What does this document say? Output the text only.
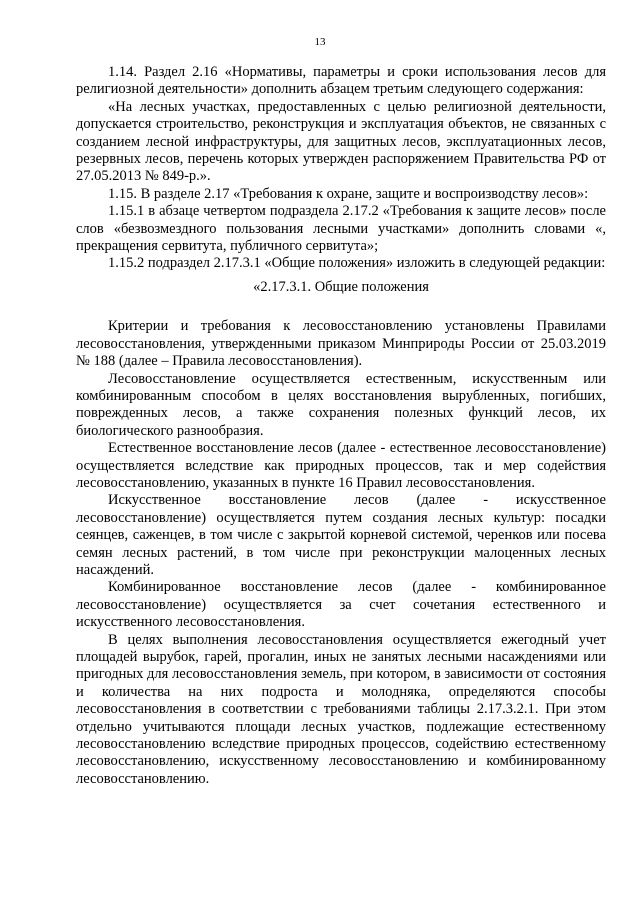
13

1.14. Раздел 2.16 «Нормативы, параметры и сроки использования лесов для религиозной деятельности» дополнить абзацем третьим следующего содержания:

«На лесных участках, предоставленных с целью религиозной деятельности, допускается строительство, реконструкция и эксплуатация объектов, не связанных с созданием лесной инфраструктуры, для защитных лесов, эксплуатационных лесов, резервных лесов, перечень которых утвержден распоряжением Правительства РФ от 27.05.2013 № 849-р.».

1.15. В разделе 2.17 «Требования к охране, защите и воспроизводству лесов»:

1.15.1 в абзаце четвертом подраздела 2.17.2 «Требования к защите лесов» после слов «безвозмездного пользования лесными участками» дополнить словами «, прекращения сервитута, публичного сервитута»;

1.15.2 подраздел 2.17.3.1 «Общие положения» изложить в следующей редакции:

«2.17.3.1. Общие положения

Критерии и требования к лесовосстановлению установлены Правилами лесовосстановления, утвержденными приказом Минприроды России от 25.03.2019 № 188 (далее – Правила лесовосстановления).

Лесовосстановление осуществляется естественным, искусственным или комбинированным способом в целях восстановления вырубленных, погибших, поврежденных лесов, а также сохранения полезных функций лесов, их биологического разнообразия.

Естественное восстановление лесов (далее - естественное лесовосстановление) осуществляется вследствие как природных процессов, так и мер содействия лесовосстановлению, указанных в пункте 16 Правил лесовосстановления.

Искусственное восстановление лесов (далее - искусственное лесовосстановление) осуществляется путем создания лесных культур: посадки сеянцев, саженцев, в том числе с закрытой корневой системой, черенков или посева семян лесных растений, в том числе при реконструкции малоценных лесных насаждений.

Комбинированное восстановление лесов (далее - комбинированное лесовосстановление) осуществляется за счет сочетания естественного и искусственного лесовосстановления.

В целях выполнения лесовосстановления осуществляется ежегодный учет площадей вырубок, гарей, прогалин, иных не занятых лесными насаждениями или пригодных для лесовосстановления земель, при котором, в зависимости от состояния и количества на них подроста и молодняка, определяются способы лесовосстановления в соответствии с требованиями таблицы 2.17.3.2.1. При этом отдельно учитываются площади лесных участков, подлежащие естественному лесовосстановлению вследствие природных процессов, содействию естественному лесовосстановлению, искусственному лесовосстановлению и комбинированному лесовосстановлению.
